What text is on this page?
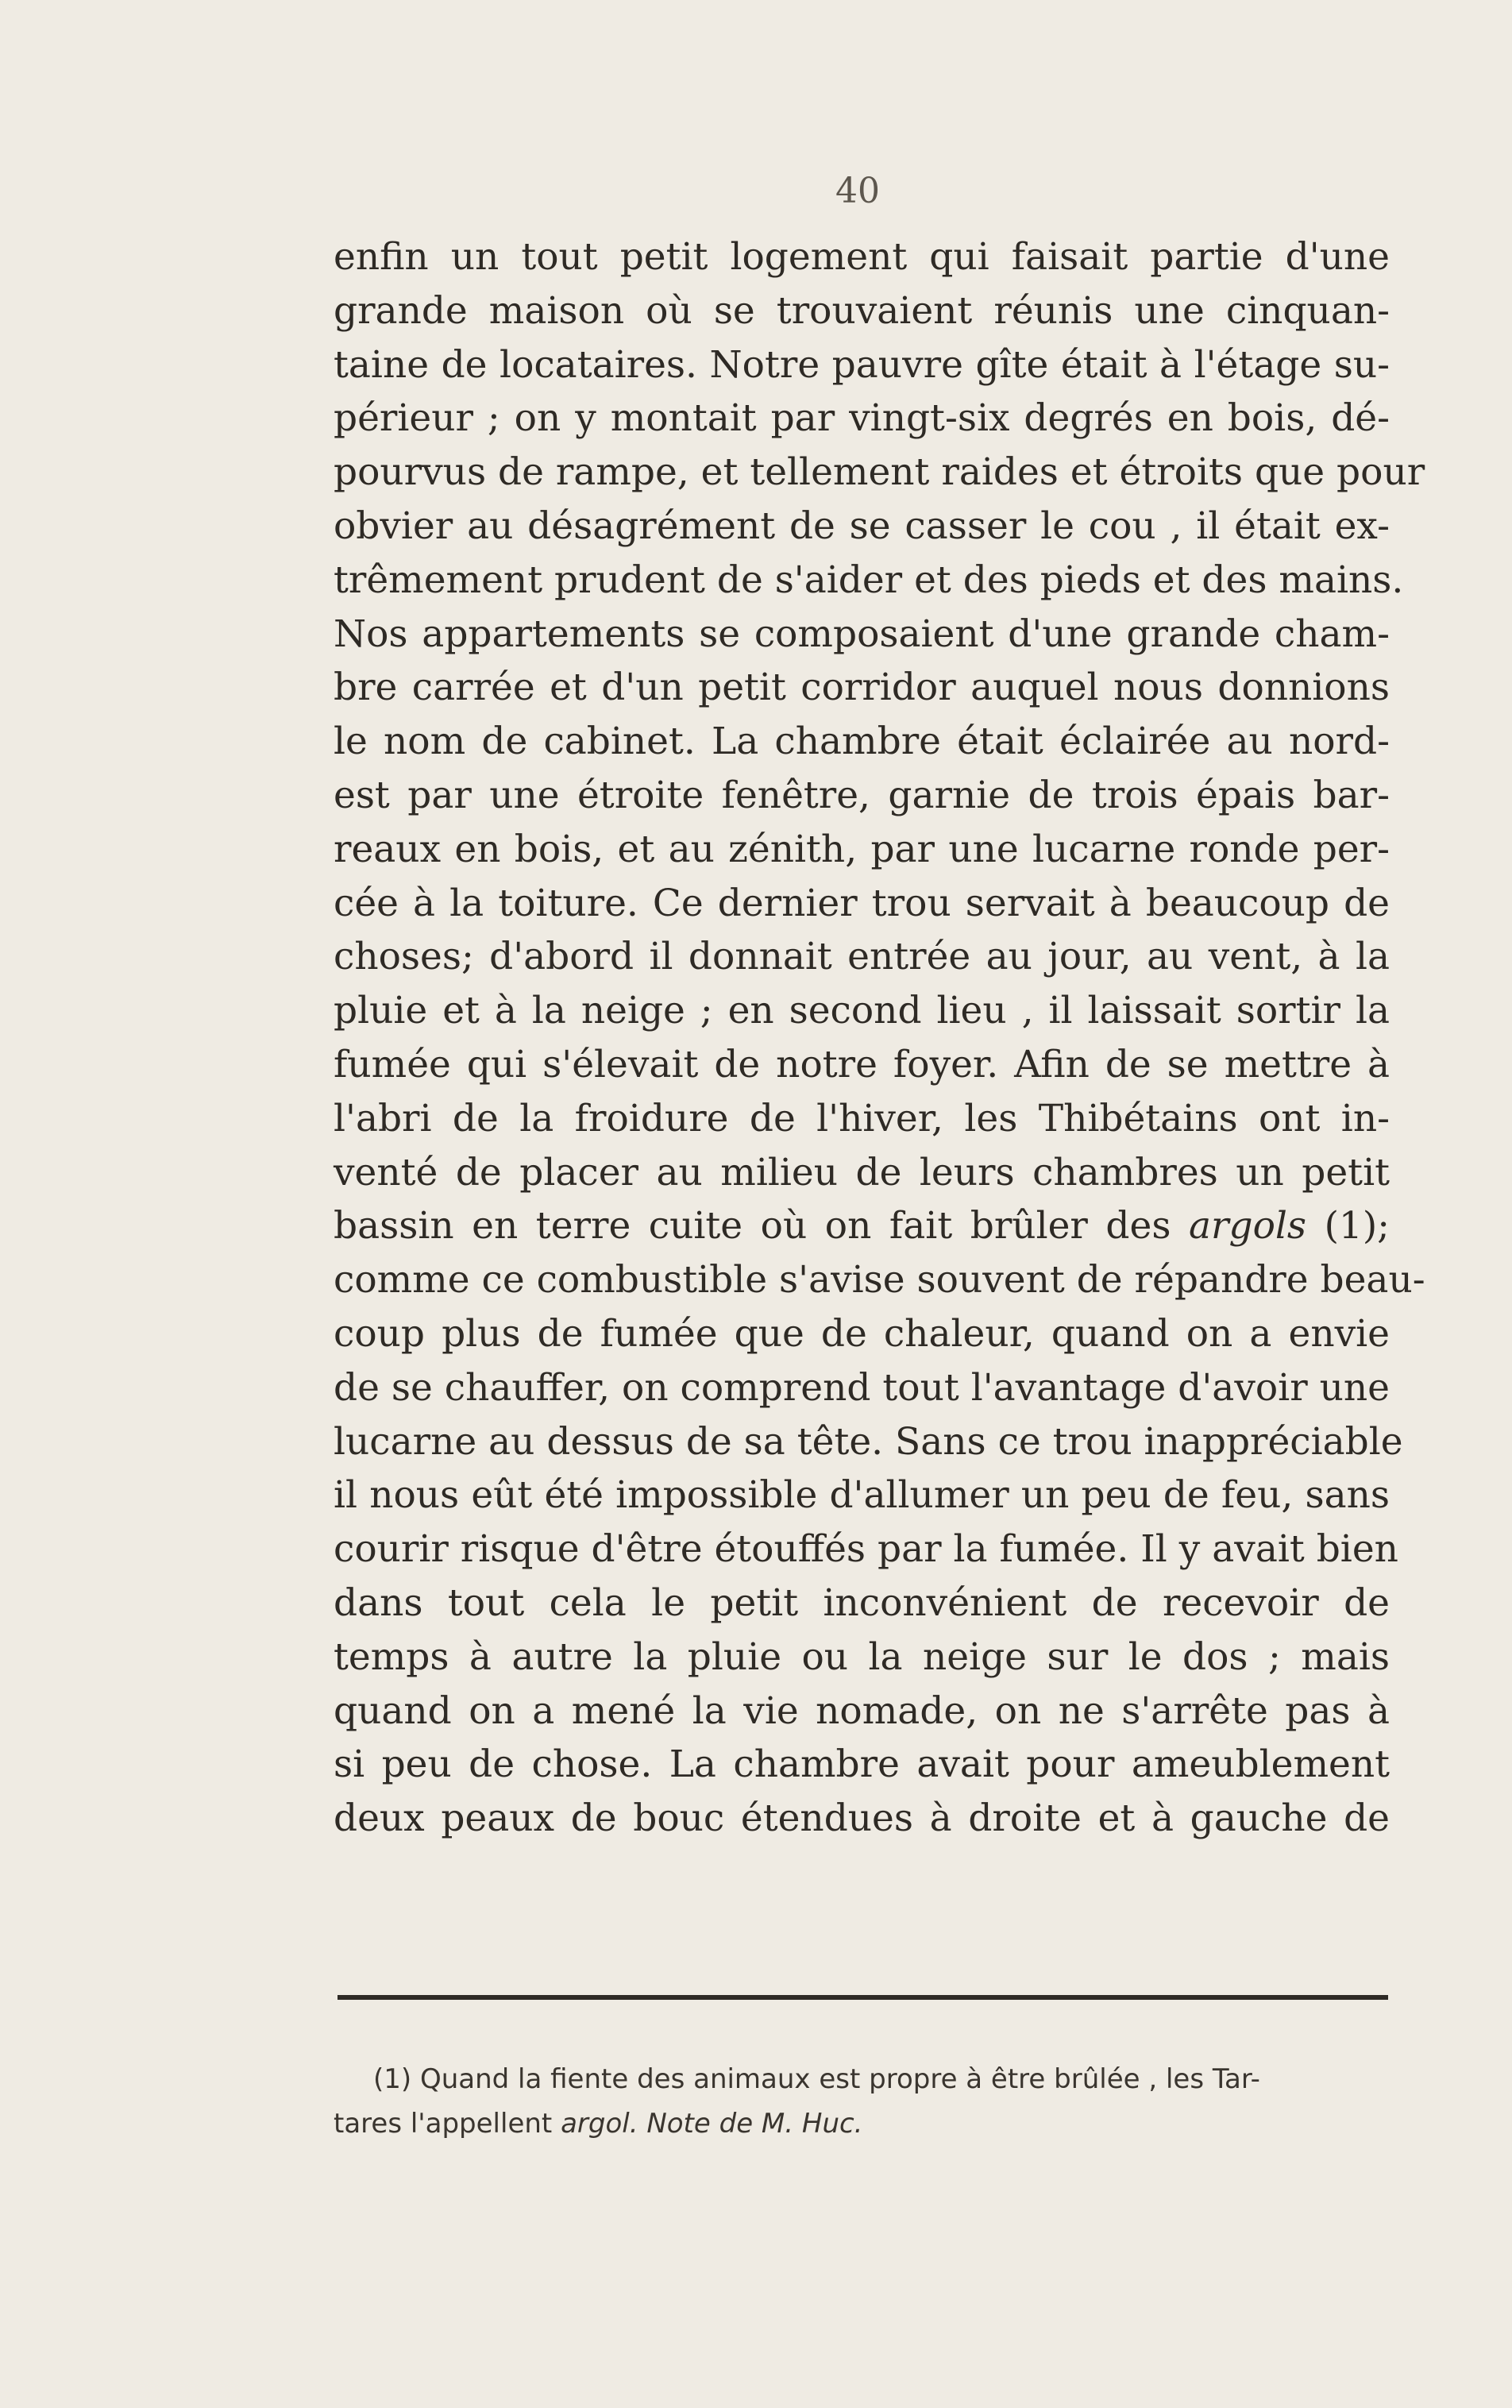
40
enfin un tout petit logement qui faisait partie d'une
grande maison où se trouvaient réunis une cinquan-
taine de locataires. Notre pauvre gîte était à l'étage su-
périeur ; on y montait par vingt-six degrés en bois, dé-
pourvus de rampe, et tellement raides et étroits que pour
obvier au désagrément de se casser le cou , il était ex-
trêmement prudent de s'aider et des pieds et des mains.
Nos appartements se composaient d'une grande cham-
bre carrée et d'un petit corridor auquel nous donnions
le nom de cabinet. La chambre était éclairée au nord-
est par une étroite fenêtre, garnie de trois épais bar-
reaux en bois, et au zénith, par une lucarne ronde per-
cée à la toiture. Ce dernier trou servait à beaucoup de
choses; d'abord il donnait entrée au jour, au vent, à la
pluie et à la neige ; en second lieu , il laissait sortir la
fumée qui s'élevait de notre foyer. Afin de se mettre à
l'abri de la froidure de l'hiver, les Thibétains ont in-
venté de placer au milieu de leurs chambres un petit
bassin en terre cuite où on fait brûler des argols (1);
comme ce combustible s'avise souvent de répandre beau-
coup plus de fumée que de chaleur, quand on a envie
de se chauffer, on comprend tout l'avantage d'avoir une
lucarne au dessus de sa tête. Sans ce trou inappréciable
il nous eût été impossible d'allumer un peu de feu, sans
courir risque d'être étouffés par la fumée. Il y avait bien
dans tout cela le petit inconvénient de recevoir de
temps à autre la pluie ou la neige sur le dos ; mais
quand on a mené la vie nomade, on ne s'arrête pas à
si peu de chose. La chambre avait pour ameublement
deux peaux de bouc étendues à droite et à gauche de
(1) Quand la fiente des animaux est propre à être brûlée , les Tar-
tares l'appellent argol. Note de M. Huc.
